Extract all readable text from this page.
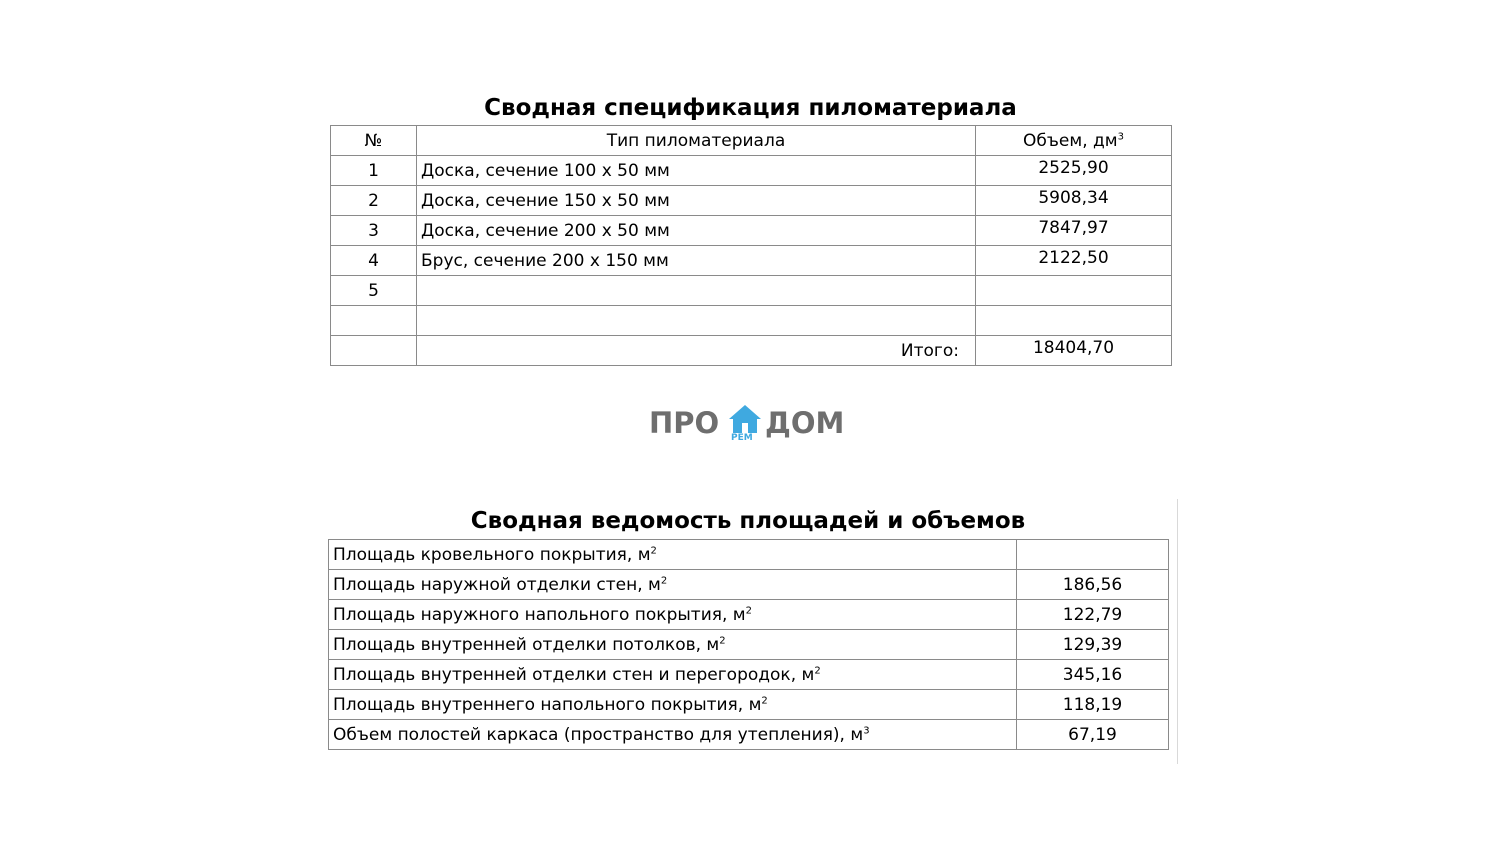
Сводная спецификация пиломатериала
№	Тип пиломатериала	Объем, $дм^3$
1	Доска, сечение 100 х 50 мм	2525,90
2	Доска, сечение 150 х 50 мм	5908,34
3	Доска, сечение 200 х 50 мм	7847,97
4	Брус, сечение 200 х 150 мм	2122,50
5		

	Итого:	18404,70
ПРО РЕМ ДОМ
Сводная ведомость площадей и объемов
Площадь кровельного покрытия, $м^2$	
Площадь наружной отделки стен, $м^2$	186,56
Площадь наружного напольного покрытия, $м^2$	122,79
Площадь внутренней отделки потолков, $м^2$	129,39
Площадь внутренней отделки стен и перегородок, $м^2$	345,16
Площадь внутреннего напольного покрытия, $м^2$	118,19
Объем полостей каркаса (пространство для утепления), $м^3$	67,19
